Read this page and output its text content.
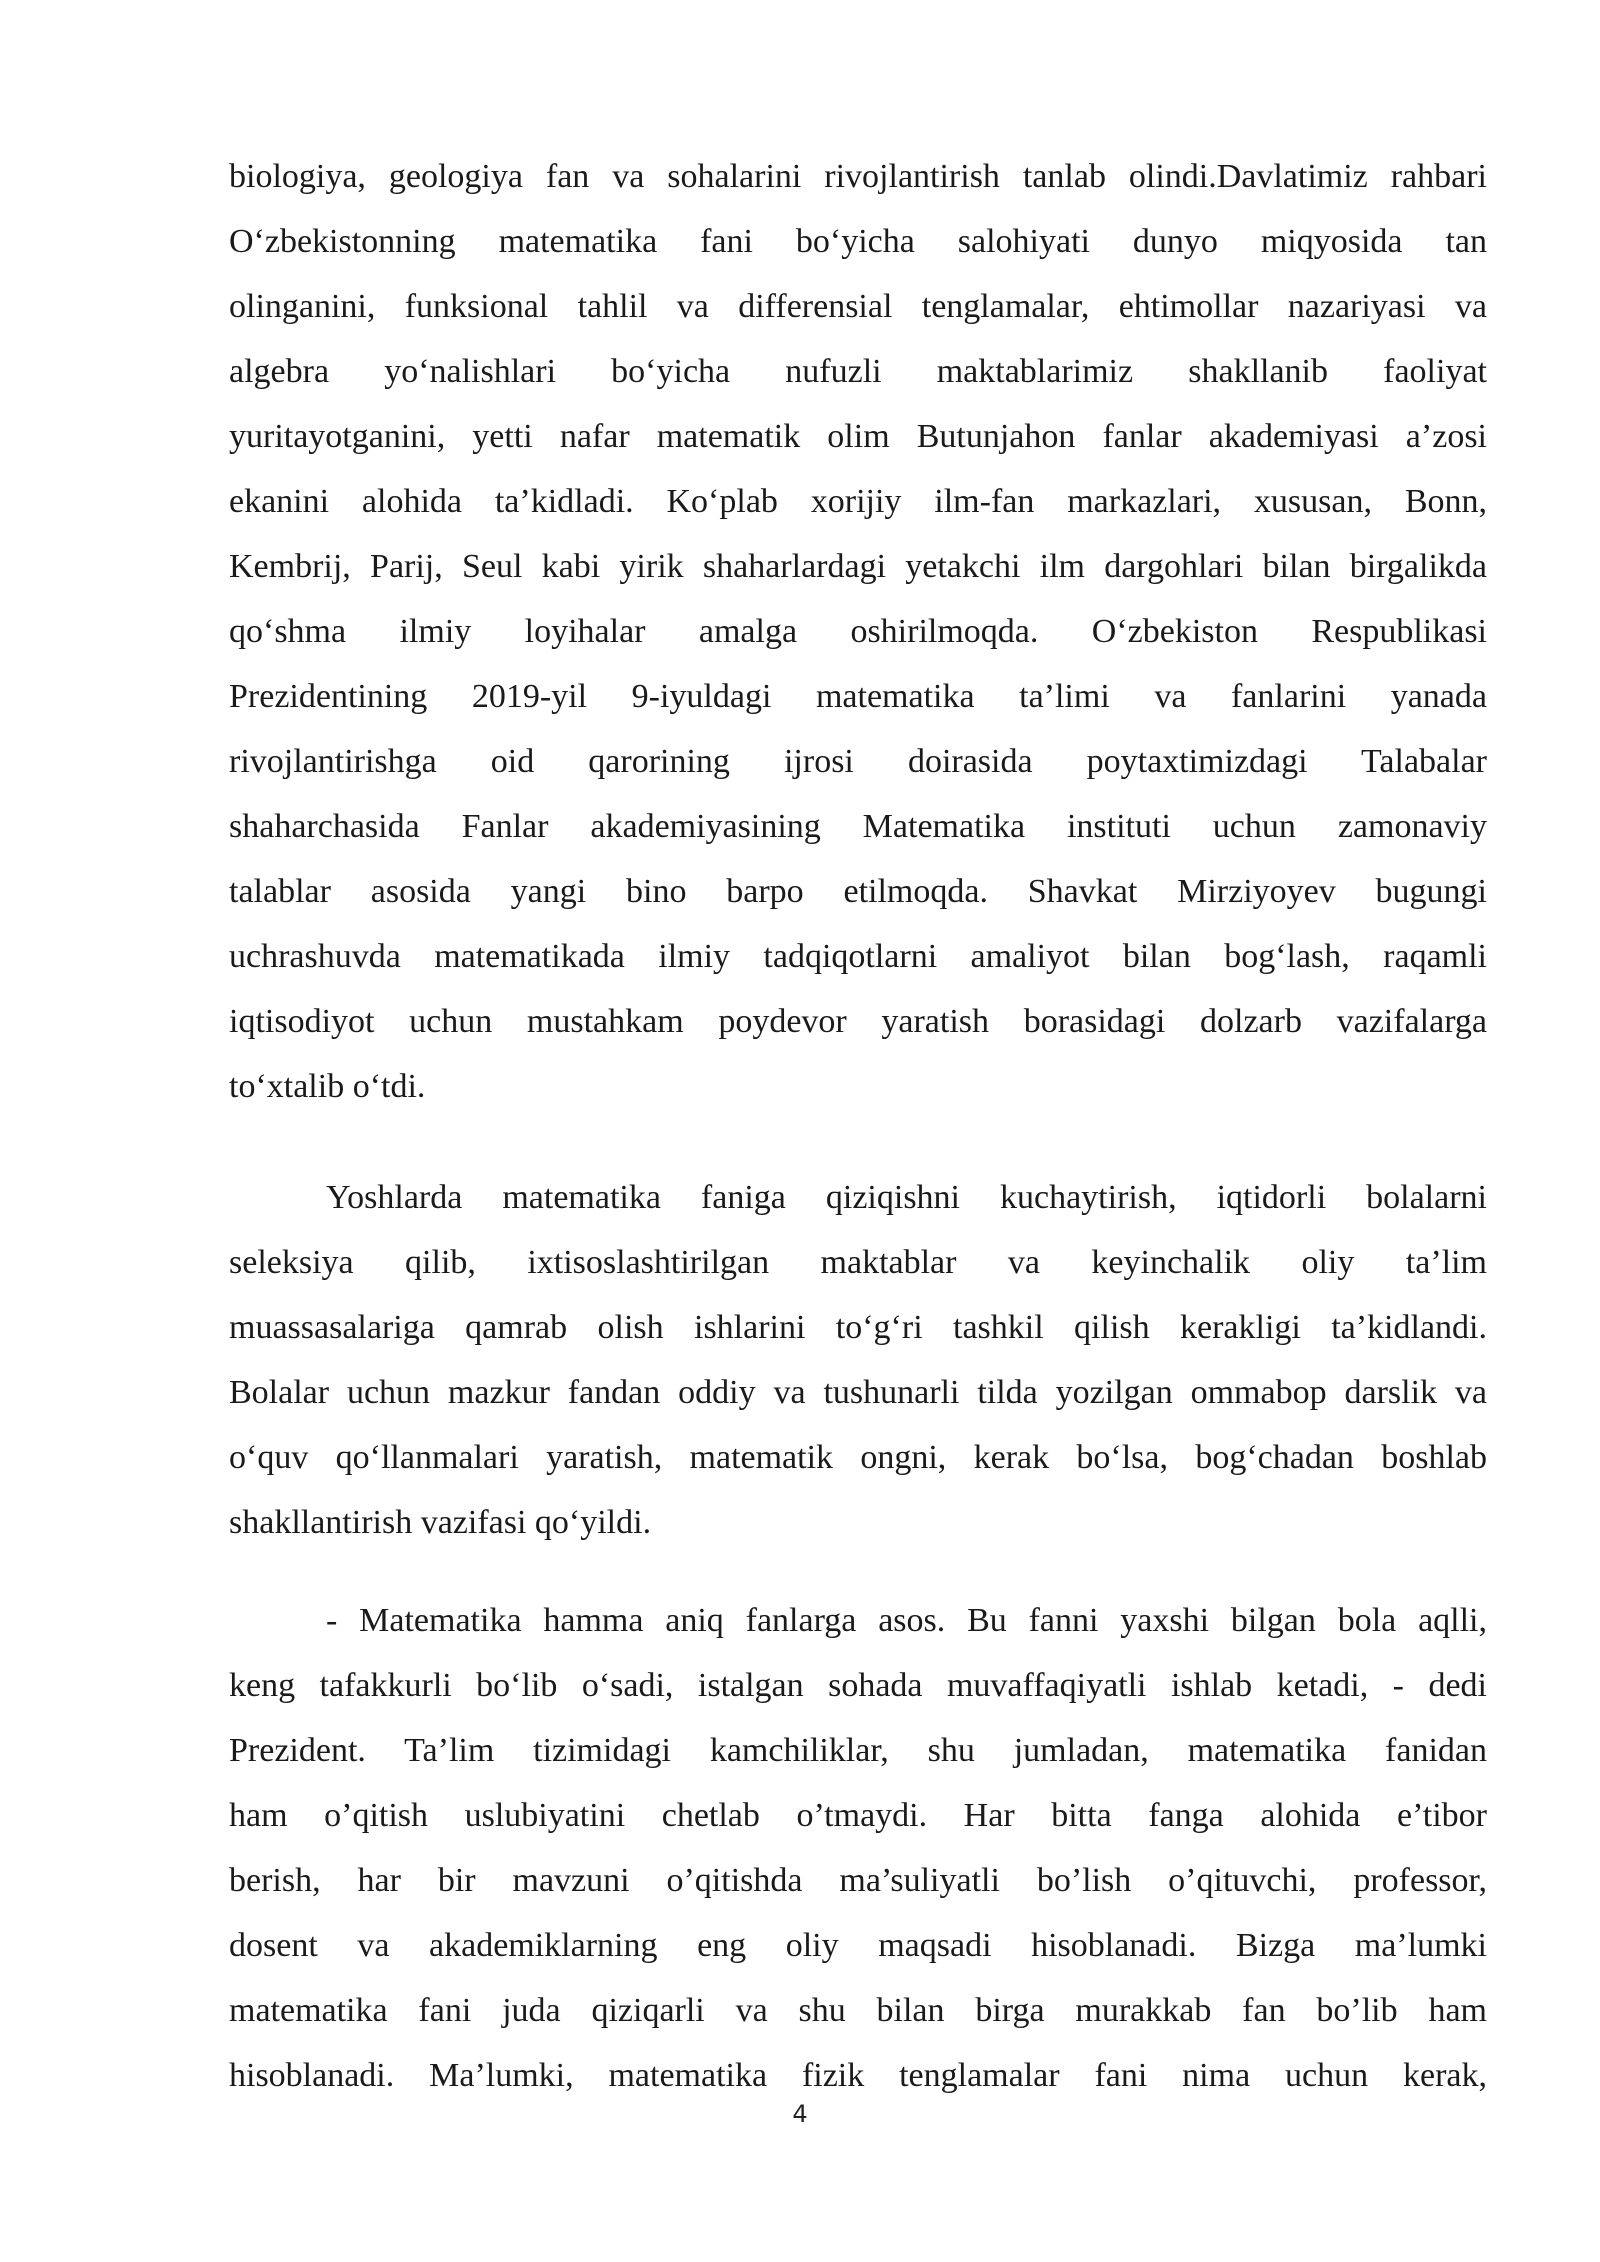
biologiya, geologiya fan va sohalarini rivojlantirish tanlab olindi.Davlatimiz rahbari
O‘zbekistonning matematika fani bo‘yicha salohiyati dunyo miqyosida tan
olinganini, funksional tahlil va differensial tenglamalar, ehtimollar nazariyasi va
algebra yo‘nalishlari bo‘yicha nufuzli maktablarimiz shakllanib faoliyat
yuritayotganini, yetti nafar matematik olim Butunjahon fanlar akademiyasi a’zosi
ekanini alohida ta’kidladi. Ko‘plab xorijiy ilm-fan markazlari, xususan, Bonn,
Kembrij, Parij, Seul kabi yirik shaharlardagi yetakchi ilm dargohlari bilan birgalikda
qo‘shma ilmiy loyihalar amalga oshirilmoqda. O‘zbekiston Respublikasi
Prezidentining 2019-yil 9-iyuldagi matematika ta’limi va fanlarini yanada
rivojlantirishga oid qarorining ijrosi doirasida poytaxtimizdagi Talabalar
shaharchasida Fanlar akademiyasining Matematika instituti uchun zamonaviy
talablar asosida yangi bino barpo etilmoqda. Shavkat Mirziyoyev bugungi
uchrashuvda matematikada ilmiy tadqiqotlarni amaliyot bilan bog‘lash, raqamli
iqtisodiyot uchun mustahkam poydevor yaratish borasidagi dolzarb vazifalarga
to‘xtalib o‘tdi.
Yoshlarda matematika faniga qiziqishni kuchaytirish, iqtidorli bolalarni
seleksiya qilib, ixtisoslashtirilgan maktablar va keyinchalik oliy ta’lim
muassasalariga qamrab olish ishlarini to‘g‘ri tashkil qilish kerakligi ta’kidlandi.
Bolalar uchun mazkur fandan oddiy va tushunarli tilda yozilgan ommabop darslik va
o‘quv qo‘llanmalari yaratish, matematik ongni, kerak bo‘lsa, bog‘chadan boshlab
shakllantirish vazifasi qo‘yildi.
- Matematika hamma aniq fanlarga asos. Bu fanni yaxshi bilgan bola aqlli,
keng tafakkurli bo‘lib o‘sadi, istalgan sohada muvaffaqiyatli ishlab ketadi, - dedi
Prezident. Ta’lim tizimidagi kamchiliklar, shu jumladan, matematika fanidan
ham o’qitish uslubiyatini chetlab o’tmaydi. Har bitta fanga alohida e’tibor
berish, har bir mavzuni o’qitishda ma’suliyatli bo’lish o’qituvchi, professor,
dosent va akademiklarning eng oliy maqsadi hisoblanadi. Bizga ma’lumki
matematika fani juda qiziqarli va shu bilan birga murakkab fan bo’lib ham
hisoblanadi. Ma’lumki, matematika fizik tenglamalar fani nima uchun kerak,
4
